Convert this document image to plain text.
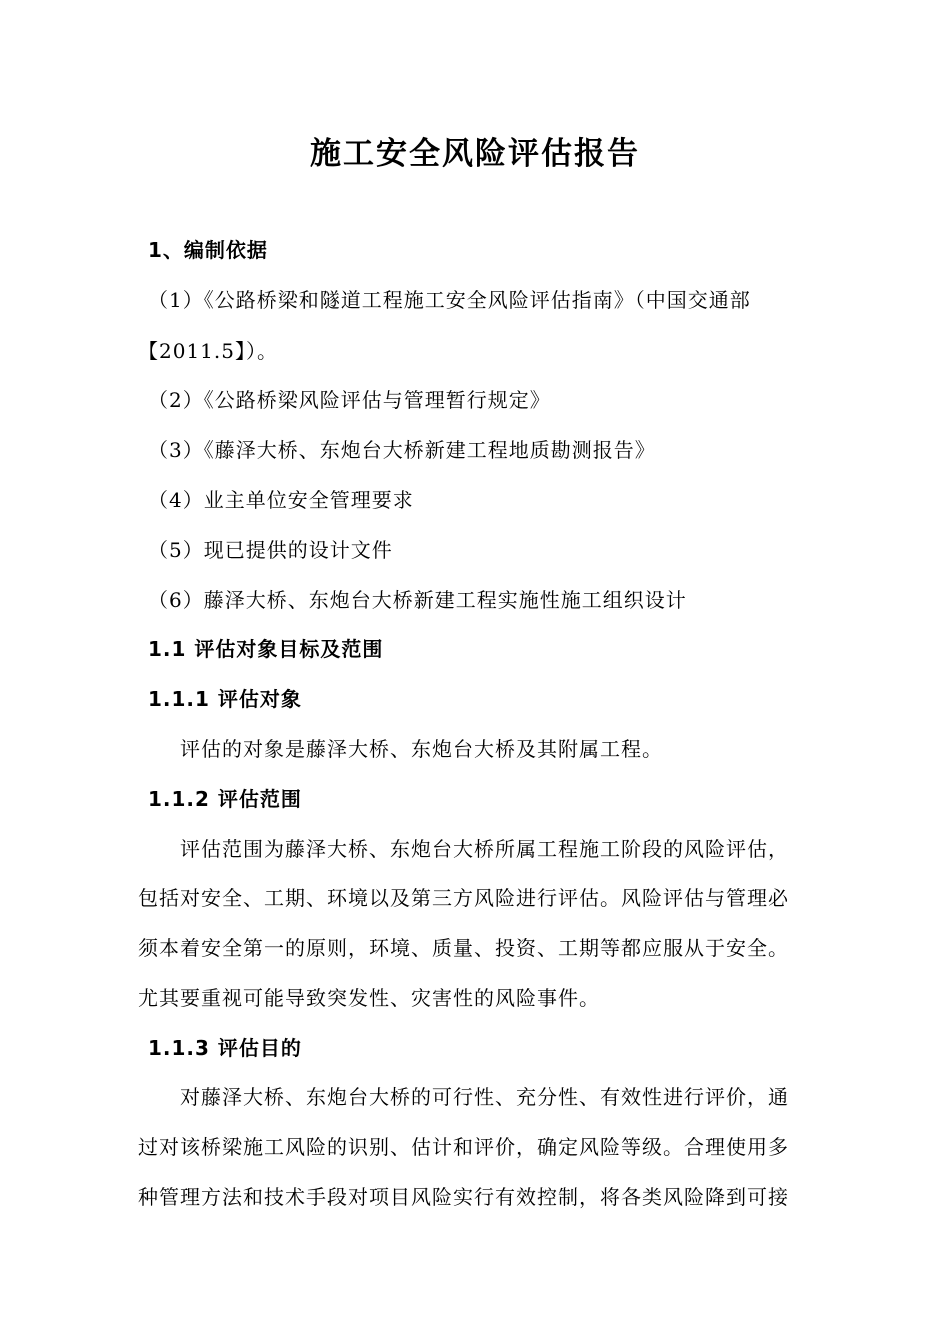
施工安全风险评估报告
1、编制依据
（1）《公路桥梁和隧道工程施工安全风险评估指南》（中国交通部
【2011.5】）。
（2）《公路桥梁风险评估与管理暂行规定》
（3）《藤泽大桥、东炮台大桥新建工程地质勘测报告》
（4）业主单位安全管理要求
（5）现已提供的设计文件
（6）藤泽大桥、东炮台大桥新建工程实施性施工组织设计
1.1 评估对象目标及范围
1.1.1 评估对象
评估的对象是藤泽大桥、东炮台大桥及其附属工程。
1.1.2 评估范围
评估范围为藤泽大桥、东炮台大桥所属工程施工阶段的风险评估，
包括对安全、工期、环境以及第三方风险进行评估。风险评估与管理必
须本着安全第一的原则，环境、质量、投资、工期等都应服从于安全。
尤其要重视可能导致突发性、灾害性的风险事件。
1.1.3 评估目的
对藤泽大桥、东炮台大桥的可行性、充分性、有效性进行评价，通
过对该桥梁施工风险的识别、估计和评价，确定风险等级。合理使用多
种管理方法和技术手段对项目风险实行有效控制，将各类风险降到可接
